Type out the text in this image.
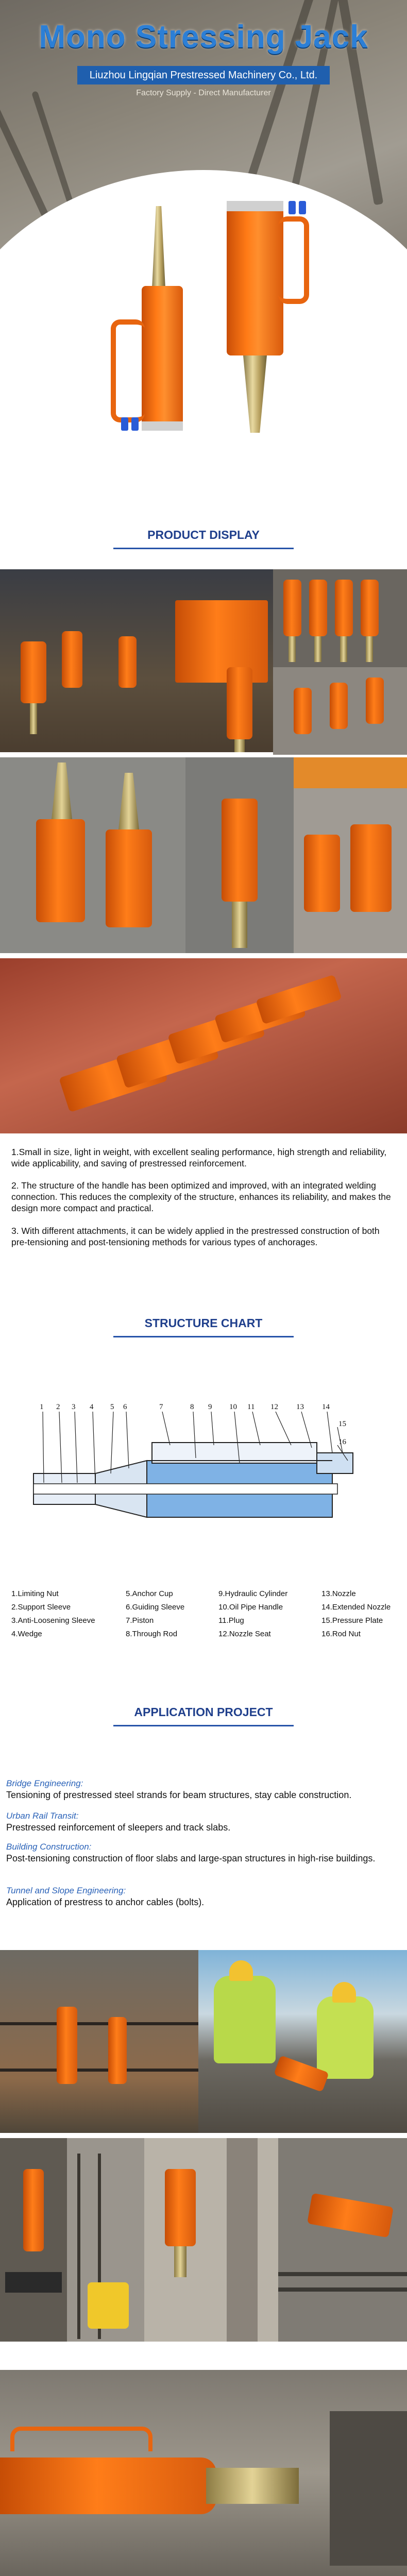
Mono Stressing Jack
Liuzhou Lingqian Prestressed Machinery Co., Ltd.
Factory Supply - Direct Manufacturer
PRODUCT DISPLAY
1.Small in size, light in weight, with excellent sealing performance, high strength and reliability, wide applicability, and saving of prestressed reinforcement.
2. The structure of the handle has been optimized and improved, with an integrated welding connection. This reduces the complexity of the structure, enhances its reliability, and makes the design more compact and practical.
3. With different attachments, it can be widely applied in the prestressed construction of both pre-tensioning and post-tensioning methods for various types of anchorages.
STRUCTURE CHART
1 2 3 4 5 6	7	8 9 10 11 12 13 14
15
16
1.Limiting Nut
2.Support Sleeve
3.Anti-Loosening Sleeve
4.Wedge
5.Anchor Cup
6.Guiding Sleeve
7.Piston
8.Through Rod
9.Hydraulic Cylinder
10.Oil Pipe Handle
11.Plug
12.Nozzle Seat
13.Nozzle
14.Extended Nozzle
15.Pressure Plate
16.Rod Nut
APPLICATION PROJECT
Bridge Engineering:
Tensioning of prestressed steel strands for beam structures, stay cable construction.
Urban Rail Transit:
Prestressed reinforcement of sleepers and track slabs.
Building Construction:
Post-tensioning construction of floor slabs and large-span structures in high-rise buildings.
Tunnel and Slope Engineering:
Application of prestress to anchor cables (bolts).
